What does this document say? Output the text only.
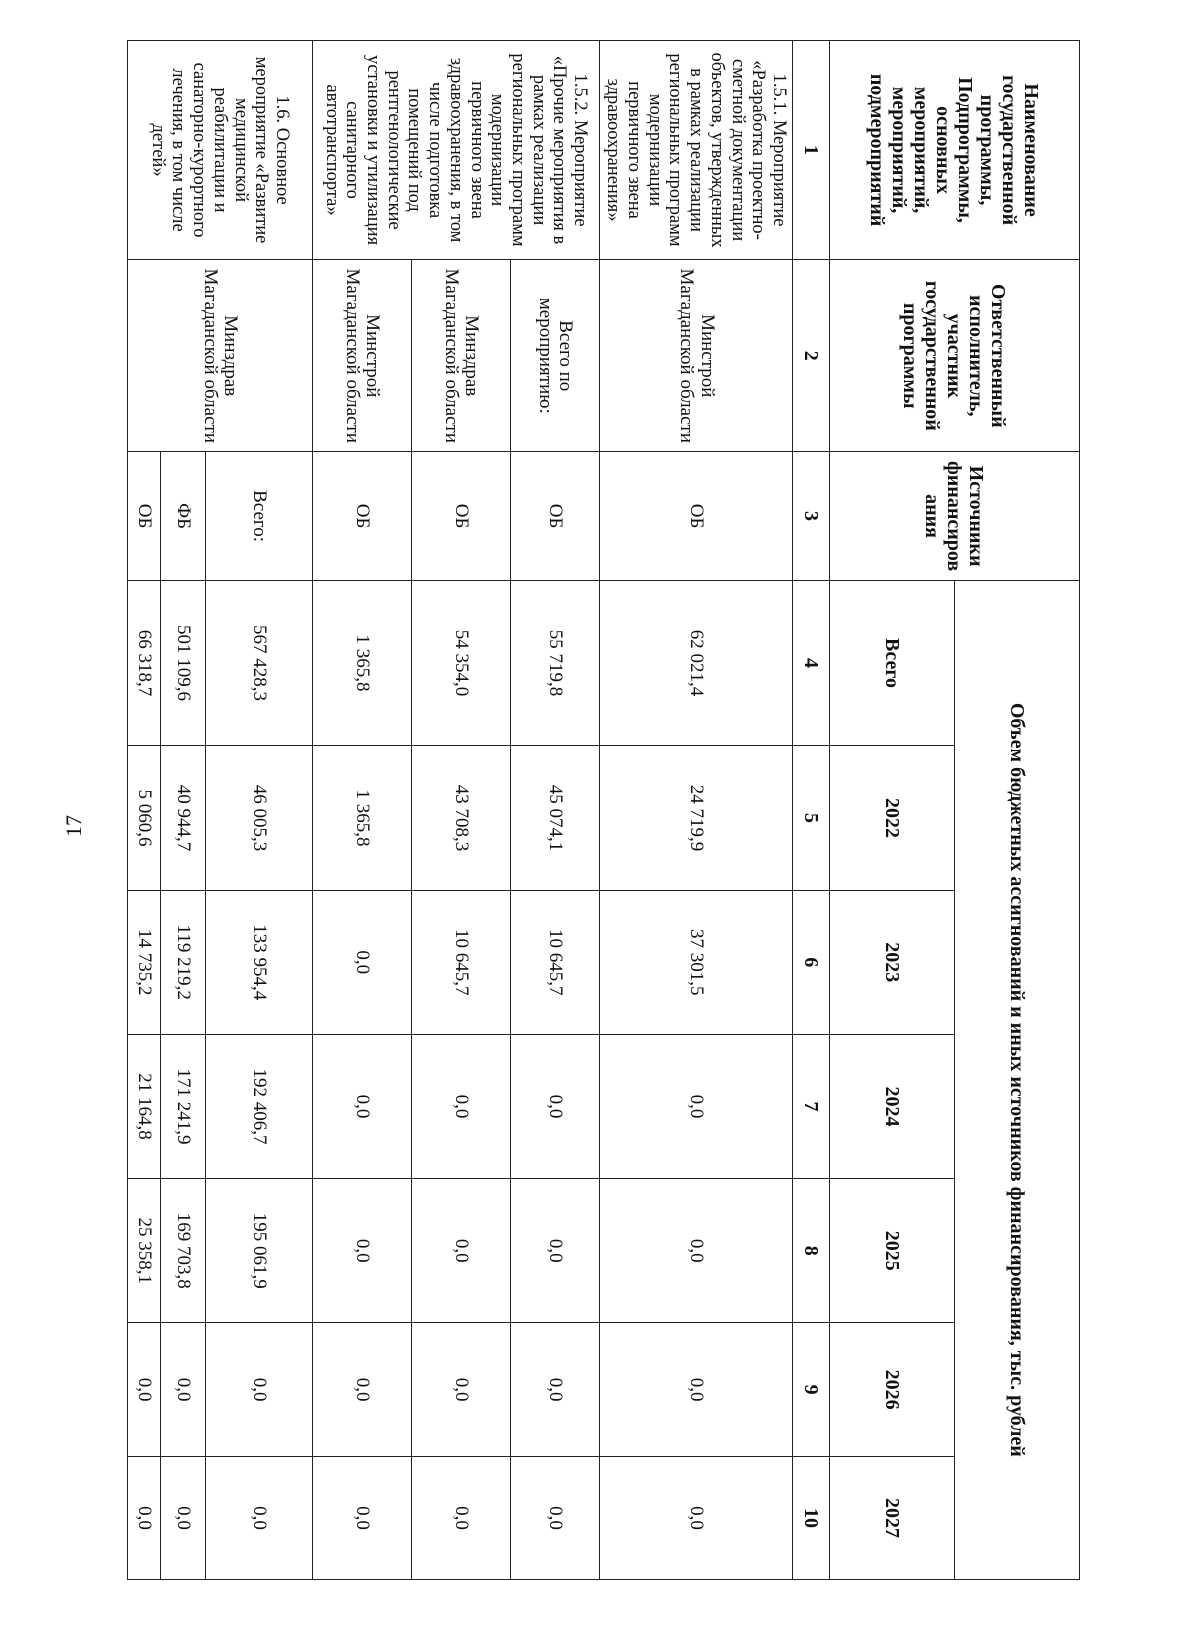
17
Наименование государственной программы, Подпрограммы, основных мероприятий, мероприятий, подмероприятий	Ответственный исполнитель, участник государственной программы	Источники финансиров ания	Объем бюджетных ассигнований и иных источников финансирования, тыс. рублей						
			Всего	2022	2023	2024	2025	2026	2027
1	2	3	4	5	6	7	8	9	10
1.5.1. Мероприятие «Разработка проектно-сметной документации объектов, утвержденных в рамках реализации региональных программ модернизации первичного звена здравоохранения»	Минстрой Магаданской области	ОБ	62 021,4	24 719,9	37 301,5	0,0	0,0	0,0	0,0
1.5.2. Мероприятие «Прочие мероприятия в рамках реализации региональных программ модернизации первичного звена здравоохранения, в том числе подготовка помещений под рентгенологические установки и утилизация санитарного автотранспорта»	Всего по мероприятию:	ОБ	55 719,8	45 074,1	10 645,7	0,0	0,0	0,0	0,0
	Минздрав Магаданской области	ОБ	54 354,0	43 708,3	10 645,7	0,0	0,0	0,0	0,0
	Минстрой Магаданской области	ОБ	1 365,8	1 365,8	0,0	0,0	0,0	0,0	0,0
1.6. Основное мероприятие «Развитие медицинской реабилитации и санаторно-курортного лечения, в том числе детей»	Минздрав Магаданской области	Всего:	567 428,3	46 005,3	133 954,4	192 406,7	195 061,9	0,0	0,0
		ФБ	501 109,6	40 944,7	119 219,2	171 241,9	169 703,8	0,0	0,0
		ОБ	66 318,7	5 060,6	14 735,2	21 164,8	25 358,1	0,0	0,0
